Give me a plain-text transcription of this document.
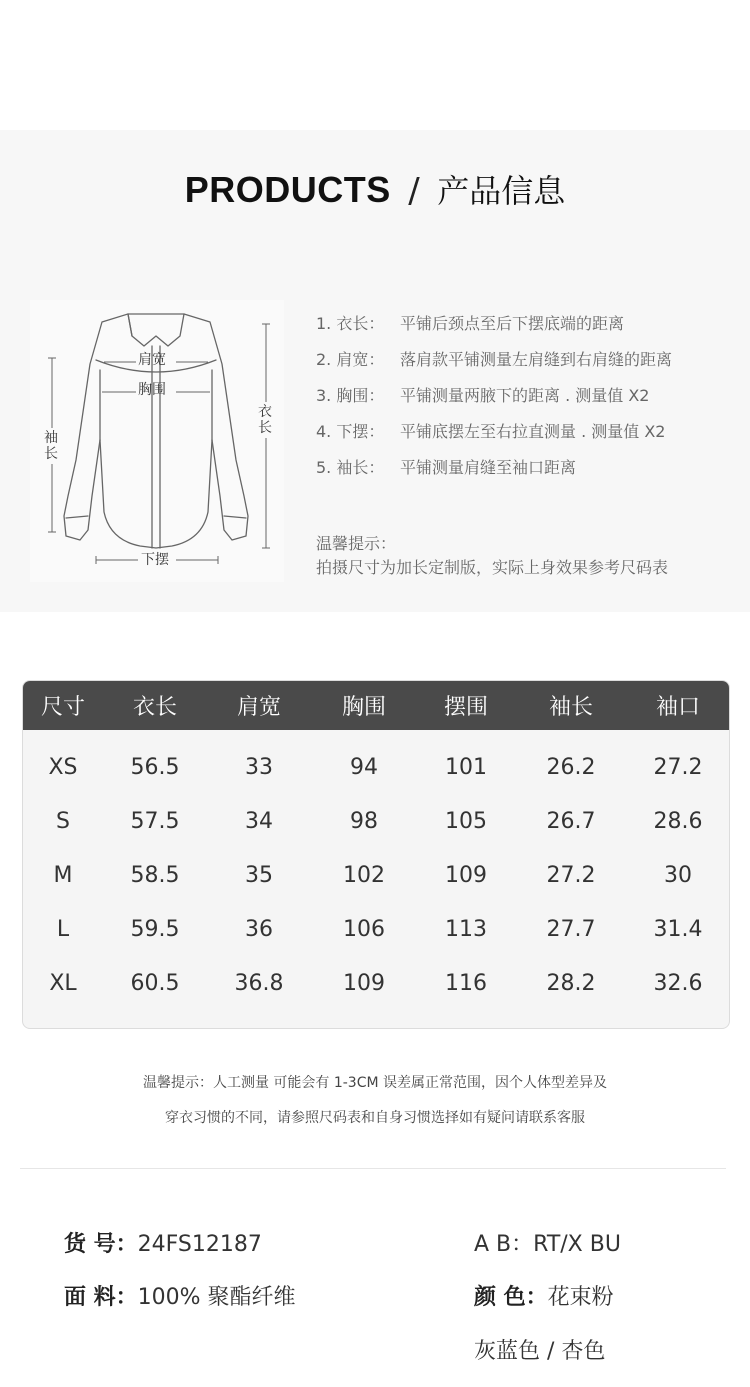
PRODUCTS / 产品信息
肩宽
胸围
衣长
袖长
下摆
1. 衣长： 平铺后颈点至后下摆底端的距离
2. 肩宽： 落肩款平铺测量左肩缝到右肩缝的距离
3. 胸围： 平铺测量两腋下的距离 . 测量值 X2
4. 下摆： 平铺底摆左至右拉直测量 . 测量值 X2
5. 袖长： 平铺测量肩缝至袖口距离
温馨提示：
拍摄尺寸为加长定制版，实际上身效果参考尺码表
尺寸	衣长	肩宽	胸围	摆围	袖长	袖口
XS	56.5	33	94	101	26.2	27.2
S	57.5	34	98	105	26.7	28.6
M	58.5	35	102	109	27.2	30
L	59.5	36	106	113	27.7	31.4
XL	60.5	36.8	109	116	28.2	32.6
温馨提示：人工测量 可能会有 1-3CM 误差属正常范围，因个人体型差异及
穿衣习惯的不同，请参照尺码表和自身习惯选择如有疑问请联系客服
货 号：24FS12187	A B：RT/X BU
面 料：100% 聚酯纤维	颜 色：花束粉
灰蓝色 / 杏色
